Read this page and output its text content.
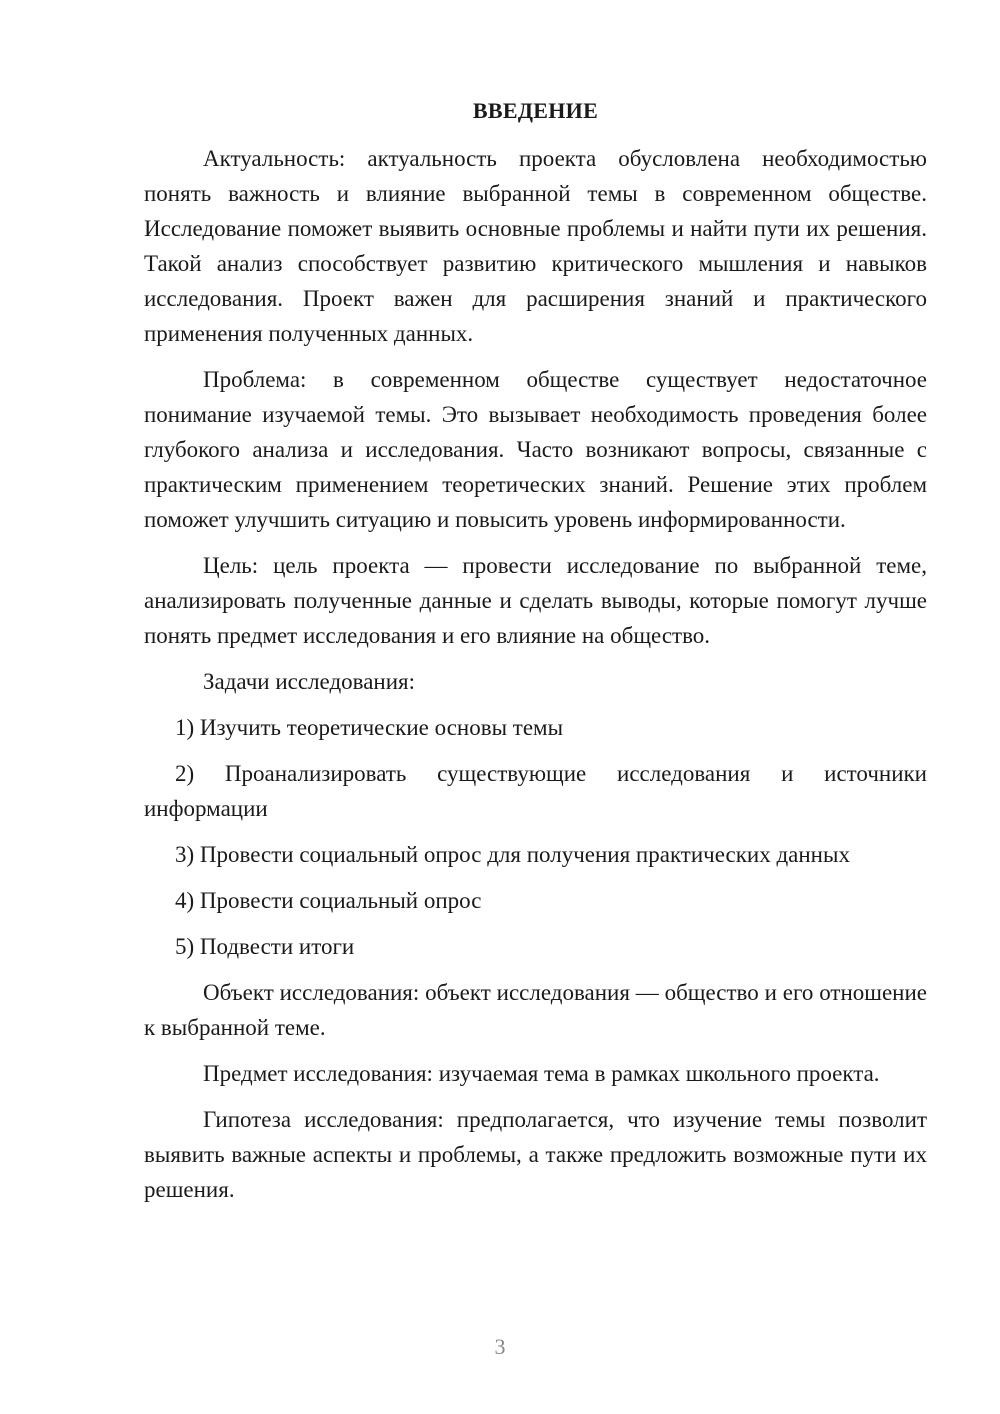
ВВЕДЕНИЕ

Актуальность: актуальность проекта обусловлена необходимостью понять важность и влияние выбранной темы в современном обществе. Исследование поможет выявить основные проблемы и найти пути их решения. Такой анализ способствует развитию критического мышления и навыков исследования. Проект важен для расширения знаний и практического применения полученных данных.

Проблема: в современном обществе существует недостаточное понимание изучаемой темы. Это вызывает необходимость проведения более глубокого анализа и исследования. Часто возникают вопросы, связанные с практическим применением теоретических знаний. Решение этих проблем поможет улучшить ситуацию и повысить уровень информированности.

Цель: цель проекта — провести исследование по выбранной теме, анализировать полученные данные и сделать выводы, которые помогут лучше понять предмет исследования и его влияние на общество.

Задачи исследования:

1) Изучить теоретические основы темы

2) Проанализировать существующие исследования и источники информации

3) Провести социальный опрос для получения практических данных

4) Провести социальный опрос

5) Подвести итоги

Объект исследования: объект исследования — общество и его отношение к выбранной теме.

Предмет исследования: изучаемая тема в рамках школьного проекта.

Гипотеза исследования: предполагается, что изучение темы позволит выявить важные аспекты и проблемы, а также предложить возможные пути их решения.

3
